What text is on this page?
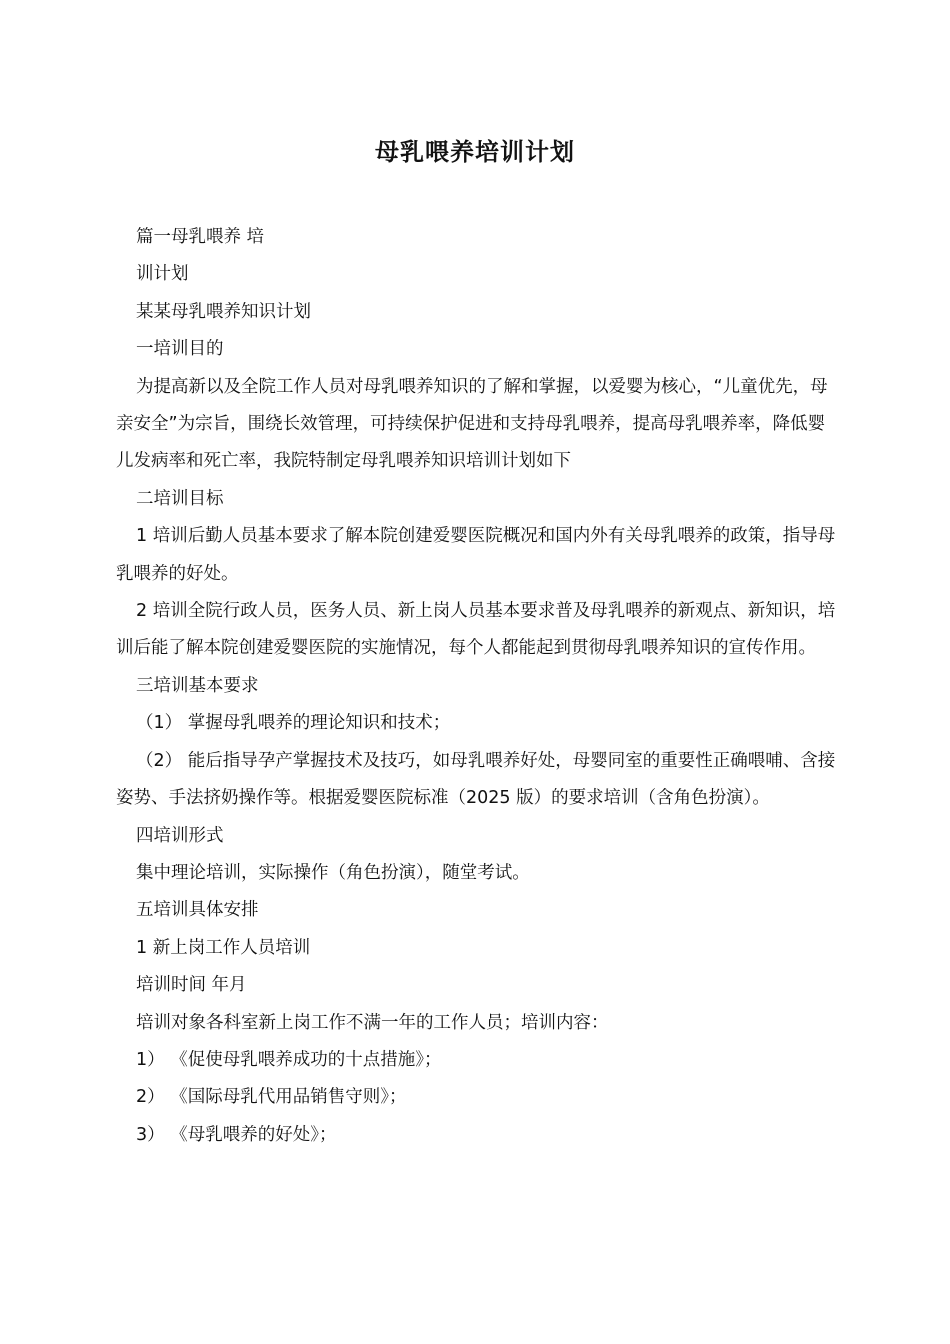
母乳喂养培训计划

篇一母乳喂养 培

训计划

某某母乳喂养知识计划

一培训目的

为提高新以及全院工作人员对母乳喂养知识的了解和掌握，以爱婴为核心，“儿童优先，母亲安全”为宗旨，围绕长效管理，可持续保护促进和支持母乳喂养，提高母乳喂养率，降低婴儿发病率和死亡率，我院特制定母乳喂养知识培训计划如下

二培训目标

1 培训后勤人员基本要求了解本院创建爱婴医院概况和国内外有关母乳喂养的政策，指导母乳喂养的好处。

2 培训全院行政人员，医务人员、新上岗人员基本要求普及母乳喂养的新观点、新知识，培训后能了解本院创建爱婴医院的实施情况，每个人都能起到贯彻母乳喂养知识的宣传作用。

三培训基本要求

（1） 掌握母乳喂养的理论知识和技术；

（2） 能后指导孕产掌握技术及技巧，如母乳喂养好处，母婴同室的重要性正确喂哺、含接姿势、手法挤奶操作等。根据爱婴医院标准（2025 版）的要求培训（含角色扮演）。

四培训形式

集中理论培训，实际操作（角色扮演），随堂考试。

五培训具体安排

1 新上岗工作人员培训

培训时间 年月

培训对象各科室新上岗工作不满一年的工作人员；培训内容：

1） 《促使母乳喂养成功的十点措施》；

2） 《国际母乳代用品销售守则》；

3） 《母乳喂养的好处》；
